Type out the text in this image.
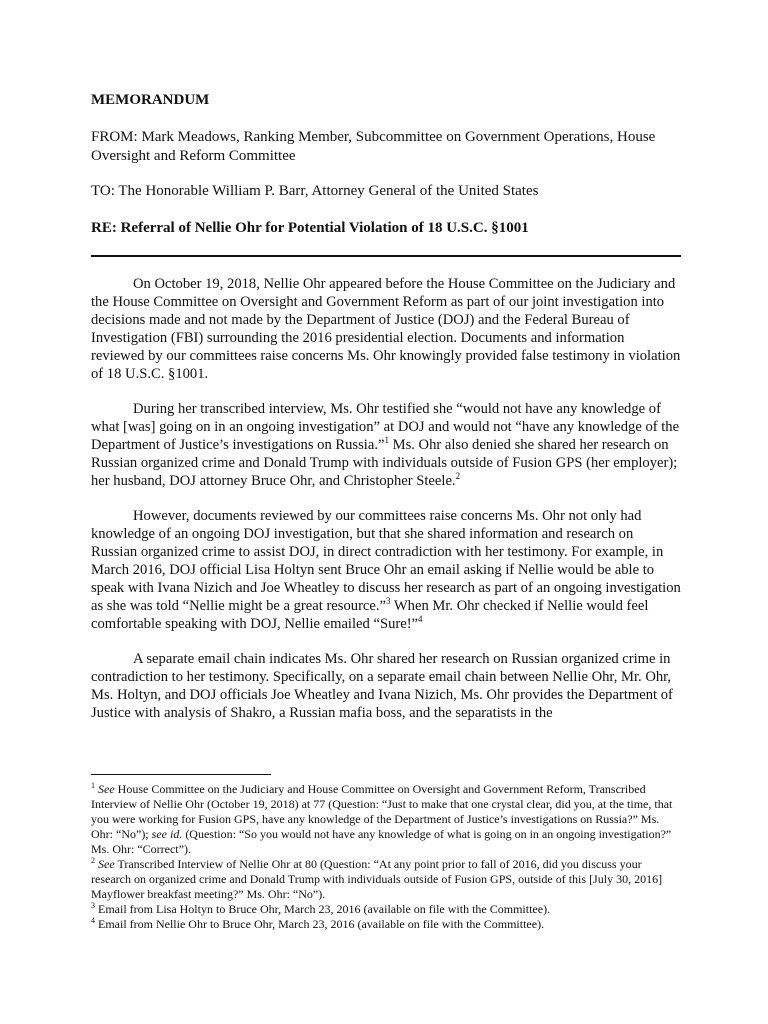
MEMORANDUM
FROM: Mark Meadows, Ranking Member, Subcommittee on Government Operations, House Oversight and Reform Committee
TO: The Honorable William P. Barr, Attorney General of the United States
RE: Referral of Nellie Ohr for Potential Violation of 18 U.S.C. §1001

On October 19, 2018, Nellie Ohr appeared before the House Committee on the Judiciary and the House Committee on Oversight and Government Reform as part of our joint investigation into decisions made and not made by the Department of Justice (DOJ) and the Federal Bureau of Investigation (FBI) surrounding the 2016 presidential election. Documents and information reviewed by our committees raise concerns Ms. Ohr knowingly provided false testimony in violation of 18 U.S.C. §1001.

During her transcribed interview, Ms. Ohr testified she “would not have any knowledge of what [was] going on in an ongoing investigation” at DOJ and would not “have any knowledge of the Department of Justice’s investigations on Russia.”$^1$ Ms. Ohr also denied she shared her research on Russian organized crime and Donald Trump with individuals outside of Fusion GPS (her employer); her husband, DOJ attorney Bruce Ohr, and Christopher Steele.$^2$

However, documents reviewed by our committees raise concerns Ms. Ohr not only had knowledge of an ongoing DOJ investigation, but that she shared information and research on Russian organized crime to assist DOJ, in direct contradiction with her testimony. For example, in March 2016, DOJ official Lisa Holtyn sent Bruce Ohr an email asking if Nellie would be able to speak with Ivana Nizich and Joe Wheatley to discuss her research as part of an ongoing investigation as she was told “Nellie might be a great resource.”$^3$ When Mr. Ohr checked if Nellie would feel comfortable speaking with DOJ, Nellie emailed “Sure!”$^4$

A separate email chain indicates Ms. Ohr shared her research on Russian organized crime in contradiction to her testimony. Specifically, on a separate email chain between Nellie Ohr, Mr. Ohr, Ms. Holtyn, and DOJ officials Joe Wheatley and Ivana Nizich, Ms. Ohr provides the Department of Justice with analysis of Shakro, a Russian mafia boss, and the separatists in the

$^1$ See House Committee on the Judiciary and House Committee on Oversight and Government Reform, Transcribed Interview of Nellie Ohr (October 19, 2018) at 77 (Question: “Just to make that one crystal clear, did you, at the time, that you were working for Fusion GPS, have any knowledge of the Department of Justice’s investigations on Russia?” Ms. Ohr: “No”); see id. (Question: “So you would not have any knowledge of what is going on in an ongoing investigation?” Ms. Ohr: “Correct”).

$^2$ See Transcribed Interview of Nellie Ohr at 80 (Question: “At any point prior to fall of 2016, did you discuss your research on organized crime and Donald Trump with individuals outside of Fusion GPS, outside of this [July 30, 2016] Mayflower breakfast meeting?” Ms. Ohr: “No”).

$^3$ Email from Lisa Holtyn to Bruce Ohr, March 23, 2016 (available on file with the Committee).

$^4$ Email from Nellie Ohr to Bruce Ohr, March 23, 2016 (available on file with the Committee).
